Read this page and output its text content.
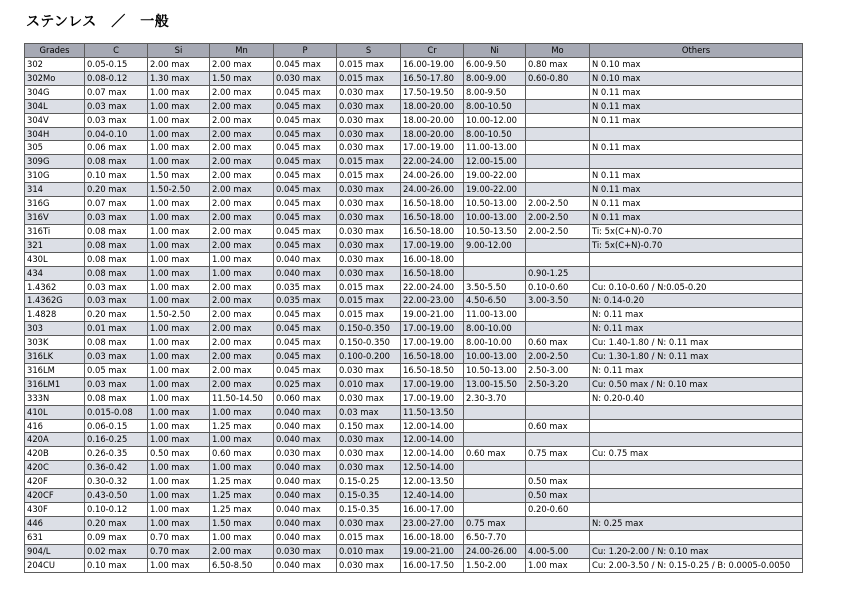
ステンレス　／　一般
Grades	C	Si	Mn	P	S	Cr	Ni	Mo	Others
302	0.05-0.15	2.00 max	2.00 max	0.045 max	0.015 max	16.00-19.00	6.00-9.50	0.80 max	N 0.10 max
302Mo	0.08-0.12	1.30 max	1.50 max	0.030 max	0.015 max	16.50-17.80	8.00-9.00	0.60-0.80	N 0.10 max
304G	0.07 max	1.00 max	2.00 max	0.045 max	0.030 max	17.50-19.50	8.00-9.50		N 0.11 max
304L	0.03 max	1.00 max	2.00 max	0.045 max	0.030 max	18.00-20.00	8.00-10.50		N 0.11 max
304V	0.03 max	1.00 max	2.00 max	0.045 max	0.030 max	18.00-20.00	10.00-12.00		N 0.11 max
304H	0.04-0.10	1.00 max	2.00 max	0.045 max	0.030 max	18.00-20.00	8.00-10.50		
305	0.06 max	1.00 max	2.00 max	0.045 max	0.030 max	17.00-19.00	11.00-13.00		N 0.11 max
309G	0.08 max	1.00 max	2.00 max	0.045 max	0.015 max	22.00-24.00	12.00-15.00		
310G	0.10 max	1.50 max	2.00 max	0.045 max	0.015 max	24.00-26.00	19.00-22.00		N 0.11 max
314	0.20 max	1.50-2.50	2.00 max	0.045 max	0.030 max	24.00-26.00	19.00-22.00		N 0.11 max
316G	0.07 max	1.00 max	2.00 max	0.045 max	0.030 max	16.50-18.00	10.50-13.00	2.00-2.50	N 0.11 max
316V	0.03 max	1.00 max	2.00 max	0.045 max	0.030 max	16.50-18.00	10.00-13.00	2.00-2.50	N 0.11 max
316Ti	0.08 max	1.00 max	2.00 max	0.045 max	0.030 max	16.50-18.00	10.50-13.50	2.00-2.50	Ti: 5x(C+N)-0.70
321	0.08 max	1.00 max	2.00 max	0.045 max	0.030 max	17.00-19.00	9.00-12.00		Ti: 5x(C+N)-0.70
430L	0.08 max	1.00 max	1.00 max	0.040 max	0.030 max	16.00-18.00			
434	0.08 max	1.00 max	1.00 max	0.040 max	0.030 max	16.50-18.00		0.90-1.25	
1.4362	0.03 max	1.00 max	2.00 max	0.035 max	0.015 max	22.00-24.00	3.50-5.50	0.10-0.60	Cu: 0.10-0.60 / N:0.05-0.20
1.4362G	0.03 max	1.00 max	2.00 max	0.035 max	0.015 max	22.00-23.00	4.50-6.50	3.00-3.50	N: 0.14-0.20
1.4828	0.20 max	1.50-2.50	2.00 max	0.045 max	0.015 max	19.00-21.00	11.00-13.00		N: 0.11 max
303	0.01 max	1.00 max	2.00 max	0.045 max	0.150-0.350	17.00-19.00	8.00-10.00		N: 0.11 max
303K	0.08 max	1.00 max	2.00 max	0.045 max	0.150-0.350	17.00-19.00	8.00-10.00	0.60 max	Cu: 1.40-1.80 / N: 0.11 max
316LK	0.03 max	1.00 max	2.00 max	0.045 max	0.100-0.200	16.50-18.00	10.00-13.00	2.00-2.50	Cu: 1.30-1.80 / N: 0.11 max
316LM	0.05 max	1.00 max	2.00 max	0.045 max	0.030 max	16.50-18.50	10.50-13.00	2.50-3.00	N: 0.11 max
316LM1	0.03 max	1.00 max	2.00 max	0.025 max	0.010 max	17.00-19.00	13.00-15.50	2.50-3.20	Cu: 0.50 max / N: 0.10 max
333N	0.08 max	1.00 max	11.50-14.50	0.060 max	0.030 max	17.00-19.00	2.30-3.70		N: 0.20-0.40
410L	0.015-0.08	1.00 max	1.00 max	0.040 max	0.03 max	11.50-13.50			
416	0.06-0.15	1.00 max	1.25 max	0.040 max	0.150 max	12.00-14.00		0.60 max	
420A	0.16-0.25	1.00 max	1.00 max	0.040 max	0.030 max	12.00-14.00			
420B	0.26-0.35	0.50 max	0.60 max	0.030 max	0.030 max	12.00-14.00	0.60 max	0.75 max	Cu: 0.75 max
420C	0.36-0.42	1.00 max	1.00 max	0.040 max	0.030 max	12.50-14.00			
420F	0.30-0.32	1.00 max	1.25 max	0.040 max	0.15-0.25	12.00-13.50		0.50 max	
420CF	0.43-0.50	1.00 max	1.25 max	0.040 max	0.15-0.35	12.40-14.00		0.50 max	
430F	0.10-0.12	1.00 max	1.25 max	0.040 max	0.15-0.35	16.00-17.00		0.20-0.60	
446	0.20 max	1.00 max	1.50 max	0.040 max	0.030 max	23.00-27.00	0.75 max		N: 0.25 max
631	0.09 max	0.70 max	1.00 max	0.040 max	0.015 max	16.00-18.00	6.50-7.70		
904/L	0.02 max	0.70 max	2.00 max	0.030 max	0.010 max	19.00-21.00	24.00-26.00	4.00-5.00	Cu: 1.20-2.00 / N: 0.10 max
204CU	0.10 max	1.00 max	6.50-8.50	0.040 max	0.030 max	16.00-17.50	1.50-2.00	1.00 max	Cu: 2.00-3.50 / N: 0.15-0.25 / B: 0.0005-0.0050
